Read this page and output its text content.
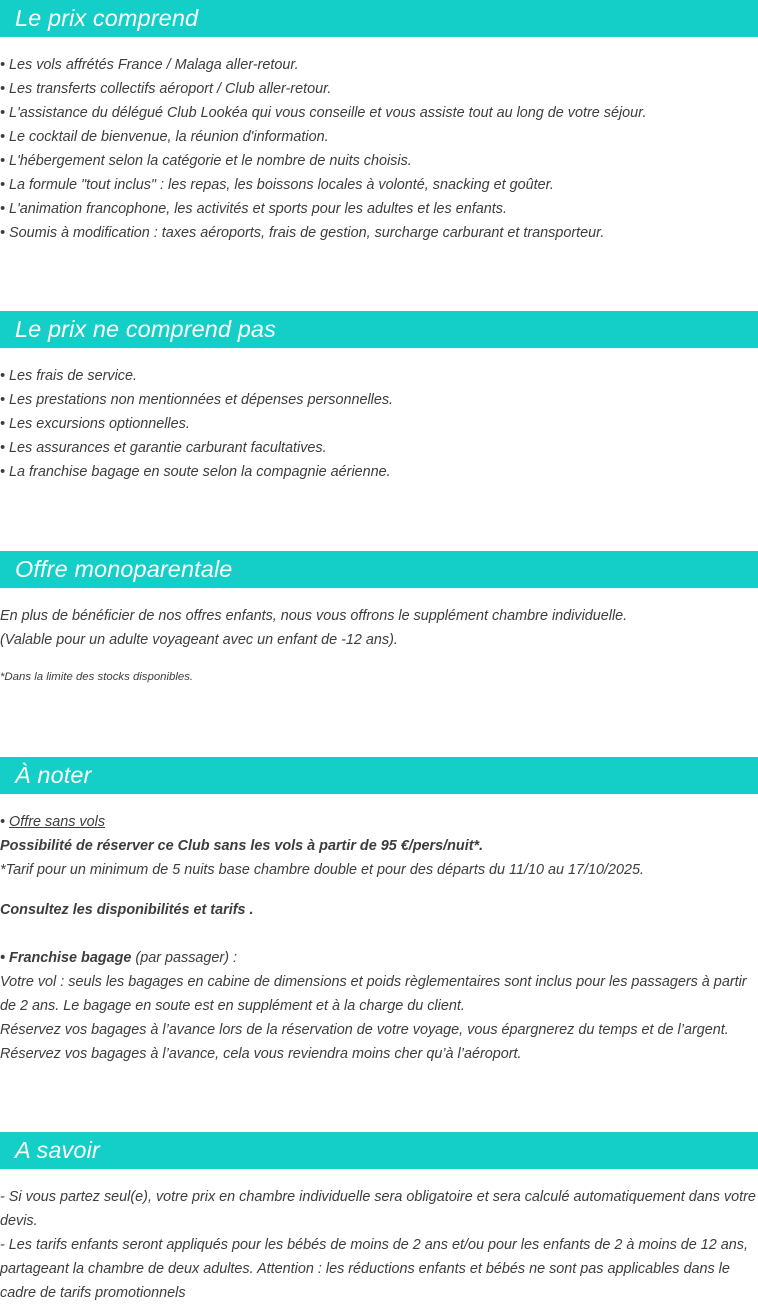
Le prix comprend
• Les vols affrétés France / Malaga aller-retour.
• Les transferts collectifs aéroport / Club aller-retour.
• L'assistance du délégué Club Lookéa qui vous conseille et vous assiste tout au long de votre séjour.
• Le cocktail de bienvenue, la réunion d'information.
• L'hébergement selon la catégorie et le nombre de nuits choisis.
• La formule "tout inclus" : les repas, les boissons locales à volonté, snacking et goûter.
• L'animation francophone, les activités et sports pour les adultes et les enfants.
• Soumis à modification : taxes aéroports, frais de gestion, surcharge carburant et transporteur.
Le prix ne comprend pas
• Les frais de service.
• Les prestations non mentionnées et dépenses personnelles.
• Les excursions optionnelles.
• Les assurances et garantie carburant facultatives.
• La franchise bagage en soute selon la compagnie aérienne.
Offre monoparentale
En plus de bénéficier de nos offres enfants, nous vous offrons le supplément chambre individuelle.
(Valable pour un adulte voyageant avec un enfant de -12 ans).
*Dans la limite des stocks disponibles.
À noter
• Offre sans vols
Possibilité de réserver ce Club sans les vols à partir de 95 €/pers/nuit*.
*Tarif pour un minimum de 5 nuits base chambre double et pour des départs du 11/10 au 17/10/2025.
Consultez les disponibilités et tarifs .
• Franchise bagage (par passager) :
Votre vol : seuls les bagages en cabine de dimensions et poids règlementaires sont inclus pour les passagers à partir de 2 ans. Le bagage en soute est en supplément et à la charge du client.
Réservez vos bagages à l’avance lors de la réservation de votre voyage, vous épargnerez du temps et de l’argent.
Réservez vos bagages à l’avance, cela vous reviendra moins cher qu’à l’aéroport.
A savoir
- Si vous partez seul(e), votre prix en chambre individuelle sera obligatoire et sera calculé automatiquement dans votre devis.
- Les tarifs enfants seront appliqués pour les bébés de moins de 2 ans et/ou pour les enfants de 2 à moins de 12 ans, partageant la chambre de deux adultes. Attention : les réductions enfants et bébés ne sont pas applicables dans le cadre de tarifs promotionnels
